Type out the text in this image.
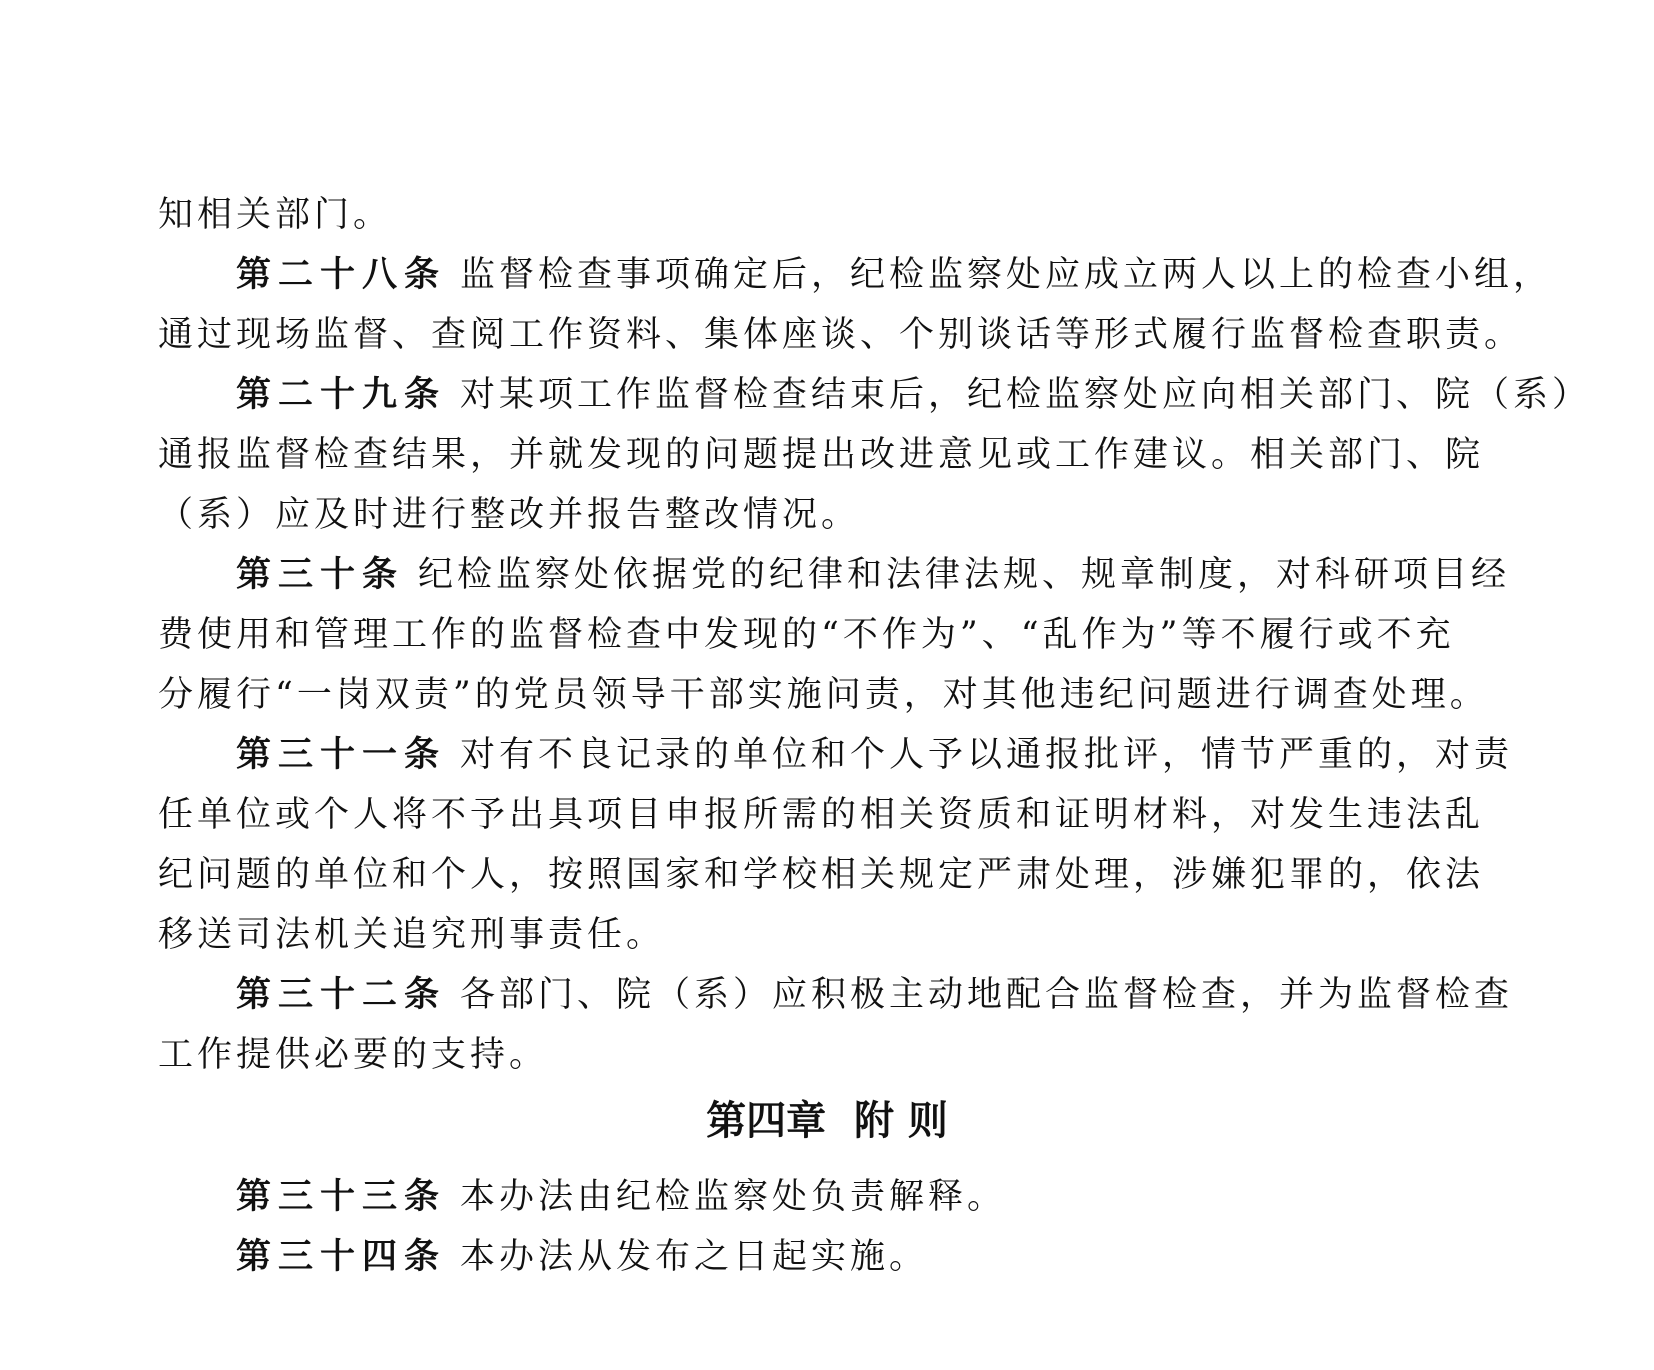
知相关部门。
第二十八条 监督检查事项确定后，纪检监察处应成立两人以上的检查小组，
通过现场监督、查阅工作资料、集体座谈、个别谈话等形式履行监督检查职责。
第二十九条 对某项工作监督检查结束后，纪检监察处应向相关部门、院（系）
通报监督检查结果，并就发现的问题提出改进意见或工作建议。相关部门、院
（系）应及时进行整改并报告整改情况。
第三十条 纪检监察处依据党的纪律和法律法规、规章制度，对科研项目经
费使用和管理工作的监督检查中发现的“不作为”、“乱作为”等不履行或不充
分履行“一岗双责”的党员领导干部实施问责，对其他违纪问题进行调查处理。
第三十一条 对有不良记录的单位和个人予以通报批评，情节严重的，对责
任单位或个人将不予出具项目申报所需的相关资质和证明材料，对发生违法乱
纪问题的单位和个人，按照国家和学校相关规定严肃处理，涉嫌犯罪的，依法
移送司法机关追究刑事责任。
第三十二条 各部门、院（系）应积极主动地配合监督检查，并为监督检查
工作提供必要的支持。
第四章  附 则
第三十三条 本办法由纪检监察处负责解释。
第三十四条 本办法从发布之日起实施。
